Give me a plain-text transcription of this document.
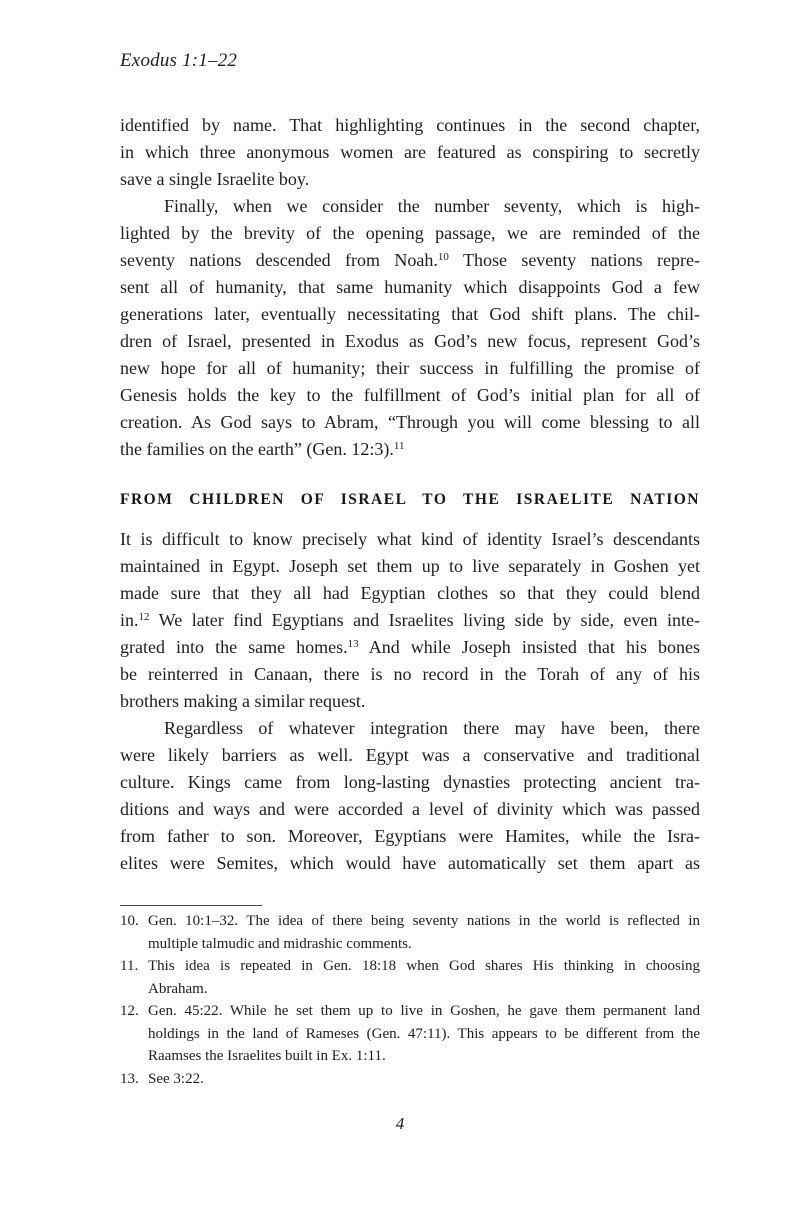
Exodus 1:1–22
identified by name. That highlighting continues in the second chapter,
in which three anonymous women are featured as conspiring to secretly
save a single Israelite boy.
Finally, when we consider the number seventy, which is high-
lighted by the brevity of the opening passage, we are reminded of the
seventy nations descended from Noah.$^{10}$ Those seventy nations repre-
sent all of humanity, that same humanity which disappoints God a few
generations later, eventually necessitating that God shift plans. The chil-
dren of Israel, presented in Exodus as God’s new focus, represent God’s
new hope for all of humanity; their success in fulfilling the promise of
Genesis holds the key to the fulfillment of God’s initial plan for all of
creation. As God says to Abram, “Through you will come blessing to all
the families on the earth” (Gen. 12:3).$^{11}$
FROM CHILDREN OF ISRAEL TO THE ISRAELITE NATION
It is difficult to know precisely what kind of identity Israel’s descendants
maintained in Egypt. Joseph set them up to live separately in Goshen yet
made sure that they all had Egyptian clothes so that they could blend
in.$^{12}$ We later find Egyptians and Israelites living side by side, even inte-
grated into the same homes.$^{13}$ And while Joseph insisted that his bones
be reinterred in Canaan, there is no record in the Torah of any of his
brothers making a similar request.
Regardless of whatever integration there may have been, there
were likely barriers as well. Egypt was a conservative and traditional
culture. Kings came from long-lasting dynasties protecting ancient tra-
ditions and ways and were accorded a level of divinity which was passed
from father to son. Moreover, Egyptians were Hamites, while the Isra-
elites were Semites, which would have automatically set them apart as
10. Gen. 10:1–32. The idea of there being seventy nations in the world is reflected in
multiple talmudic and midrashic comments.
11. This idea is repeated in Gen. 18:18 when God shares His thinking in choosing
Abraham.
12. Gen. 45:22. While he set them up to live in Goshen, he gave them permanent land
holdings in the land of Rameses (Gen. 47:11). This appears to be different from the
Raamses the Israelites built in Ex. 1:11.
13. See 3:22.
4
